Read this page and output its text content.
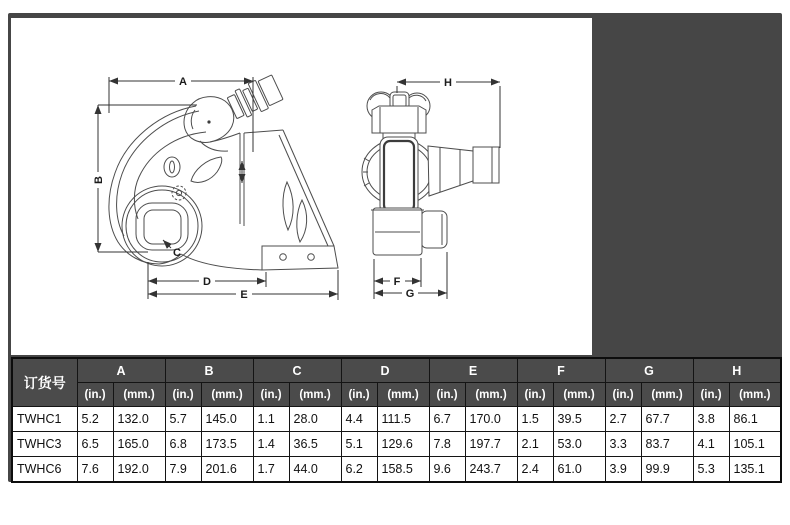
A
B
C
D
E
H
F
G
订货号	A		B		C		D		E		F		G		H	
	(in.)	(mm.)	(in.)	(mm.)	(in.)	(mm.)	(in.)	(mm.)	(in.)	(mm.)	(in.)	(mm.)	(in.)	(mm.)	(in.)	(mm.)
TWHC1	5.2	132.0	5.7	145.0	1.1	28.0	4.4	111.5	6.7	170.0	1.5	39.5	2.7	67.7	3.8	86.1
TWHC3	6.5	165.0	6.8	173.5	1.4	36.5	5.1	129.6	7.8	197.7	2.1	53.0	3.3	83.7	4.1	105.1
TWHC6	7.6	192.0	7.9	201.6	1.7	44.0	6.2	158.5	9.6	243.7	2.4	61.0	3.9	99.9	5.3	135.1
